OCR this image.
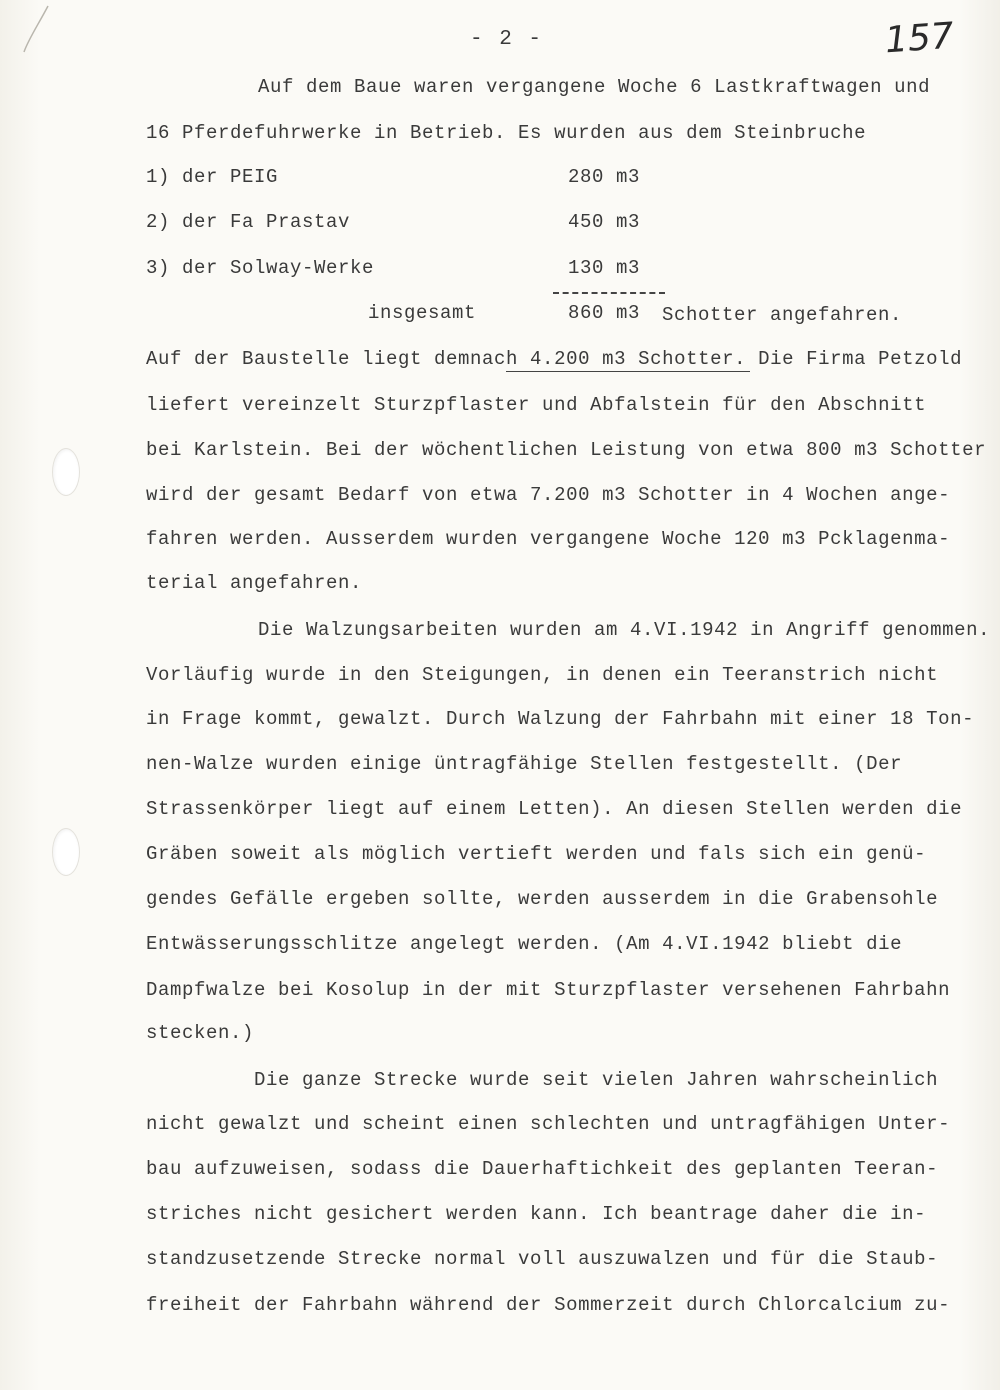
- 2 -	157
Auf dem Baue waren vergangene Woche 6 Lastkraftwagen und
16 Pferdefuhrwerke in Betrieb. Es wurden aus dem Steinbruche
1) der PEIG	280 m3
2) der Fa Prastav	450 m3
3) der Solway-Werke	130 m3
insgesamt	860 m3 Schotter angefahren.
Auf der Baustelle liegt demnach 4.200 m3 Schotter. Die Firma Petzold
liefert vereinzelt Sturzpflaster und Abfalstein für den Abschnitt
bei Karlstein. Bei der wöchentlichen Leistung von etwa 800 m3 Schotter
wird der gesamt Bedarf von etwa 7.200 m3 Schotter in 4 Wochen ange-
fahren werden. Ausserdem wurden vergangene Woche 120 m3 Pcklagenma-
terial angefahren.
Die Walzungsarbeiten wurden am 4.VI.1942 in Angriff genommen.
Vorläufig wurde in den Steigungen, in denen ein Teeranstrich nicht
in Frage kommt, gewalzt. Durch Walzung der Fahrbahn mit einer 18 Ton-
nen-Walze wurden einige üntragfähige Stellen festgestellt. (Der
Strassenkörper liegt auf einem Letten). An diesen Stellen werden die
Gräben soweit als möglich vertieft werden und fals sich ein genü-
gendes Gefälle ergeben sollte, werden ausserdem in die Grabensohle
Entwässerungsschlitze angelegt werden. (Am 4.VI.1942 bliebt die
Dampfwalze bei Kosolup in der mit Sturzpflaster versehenen Fahrbahn
stecken.)
Die ganze Strecke wurde seit vielen Jahren wahrscheinlich
nicht gewalzt und scheint einen schlechten und untragfähigen Unter-
bau aufzuweisen, sodass die Dauerhaftichkeit des geplanten Teeran-
striches nicht gesichert werden kann. Ich beantrage daher die in-
standzusetzende Strecke normal voll auszuwalzen und für die Staub-
freiheit der Fahrbahn während der Sommerzeit durch Chlorcalcium zu-
